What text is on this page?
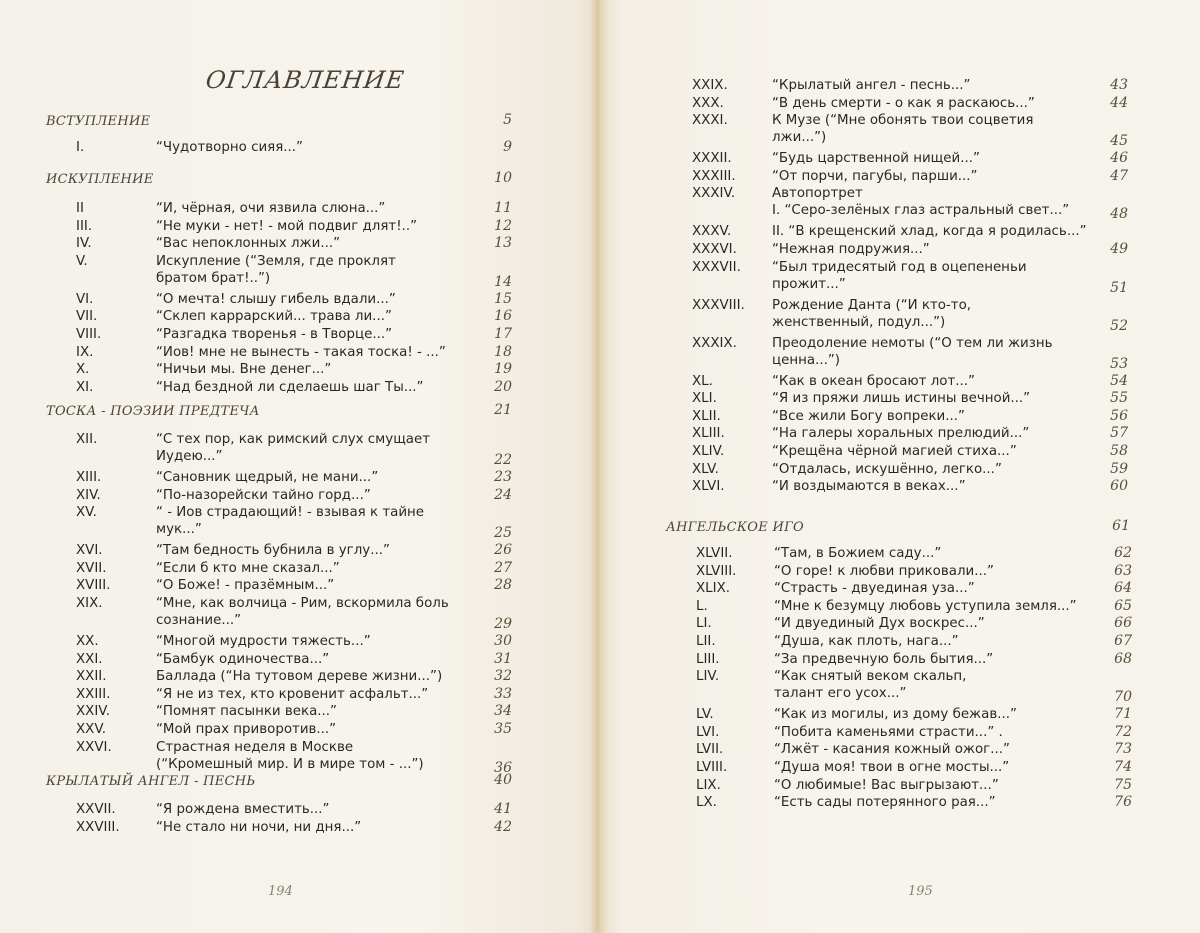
ОГЛАВЛЕНИЕ
ВСТУПЛЕНИЕ	5
I.	“Чудотворно сияя...”	9
ИСКУПЛЕНИЕ	10
II	“И, чёрная, очи язвила слюна...”	11
III.	“Не муки - нет! - мой подвиг длят!..”	12
IV.	“Вас непоклонных лжи...”	13
V.	Искупление (“Земля, где проклят
братом брат!..”)	14
VI.	“О мечта! слышу гибель вдали...”	15
VII.	“Склеп каррарский... трава ли...”	16
VIII.	“Разгадка творенья - в Творце...”	17
IX.	“Иов! мне не вынесть - такая тоска! - ...”	18
X.	“Ничьи мы. Вне денег...”	19
XI.	“Над бездной ли сделаешь шаг Ты...”	20
ТОСКА - ПОЭЗИИ ПРЕДТЕЧА	21
XII.	“С тех пор, как римский слух смущает
Иудею...”	22
XIII.	“Сановник щедрый, не мани...”	23
XIV.	“По-назорейски тайно горд...”	24
XV.	“ - Иов страдающий! - взывая к тайне
мук...”	25
XVI.	“Там бедность бубнила в углу...”	26
XVII.	“Если б кто мне сказал...”	27
XVIII.	“О Боже! - празёмным...”	28
XIX.	“Мне, как волчица - Рим, вскормила боль
сознание...”	29
XX.	“Многой мудрости тяжесть...”	30
XXI.	“Бамбук одиночества...”	31
XXII.	Баллада (“На тутовом дереве жизни...”)	32
XXIII.	“Я не из тех, кто кровенит асфальт...”	33
XXIV.	“Помнят пасынки века...”	34
XXV.	“Мой прах приворотив...”	35
XXVI.	Страстная неделя в Москве
(“Кромешный мир. И в мире том - ...”)	36
КРЫЛАТЫЙ АНГЕЛ - ПЕСНЬ	40
XXVII.	“Я рождена вместить...”	41
XXVIII.	“Не стало ни ночи, ни дня...”	42
XXIX.	“Крылатый ангел - песнь...”	43
XXX.	“В день смерти - о как я раскаюсь...”	44
XXXI.	К Музе (“Мне обонять твои соцветия
лжи...”)	45
XXXII.	“Будь царственной нищей...”	46
XXXIII.	“От порчи, пагубы, парши...”	47
XXXIV.	Автопортрет
I. “Серо-зелёных глаз астральный свет...”	48
XXXV.	II. “В крещенский хлад, когда я родилась...”
XXXVI.	“Нежная подружия...”	49
XXXVII. “Был тридесятый год в оцепененьи
прожит...”	51
XXXVIII. Рождение Данта (“И кто-то,
женственный, подул...”)	52
XXXIX.	Преодоление немоты (“О тем ли жизнь
ценна...”)	53
XL.	“Как в океан бросают лот...”	54
XLI.	“Я из пряжи лишь истины вечной...”	55
XLII.	“Все жили Богу вопреки...”	56
XLIII.	“На галеры хоральных прелюдий...”	57
XLIV.	“Крещёна чёрной магией стиха...”	58
XLV.	“Отдалась, искушённо, легко...”	59
XLVI.	“И воздымаются в веках...”	60
АНГЕЛЬСКОЕ ИГО	61
XLVII.	“Там, в Божием саду...”	62
XLVIII.	“О горе! к любви приковали...”	63
XLIX.	“Страсть - двуединая уза...”	64
L.	“Мне к безумцу любовь уступила земля...”	65
LI.	“И двуединый Дух воскрес...”	66
LII.	“Душа, как плоть, нага...”	67
LIII.	“За предвечную боль бытия...”	68
LIV.	“Как снятый веком скальп,
талант его усох...”	70
LV.	“Как из могилы, из дому бежав...”	71
LVI.	“Побита каменьями страсти...” .	72
LVII.	“Лжёт - касания кожный ожог...”	73
LVIII.	“Душа моя! твои в огне мосты...”	74
LIX.	“О любимые! Вас выгрызают...”	75
LX.	“Есть сады потерянного рая...”	76
194	195
